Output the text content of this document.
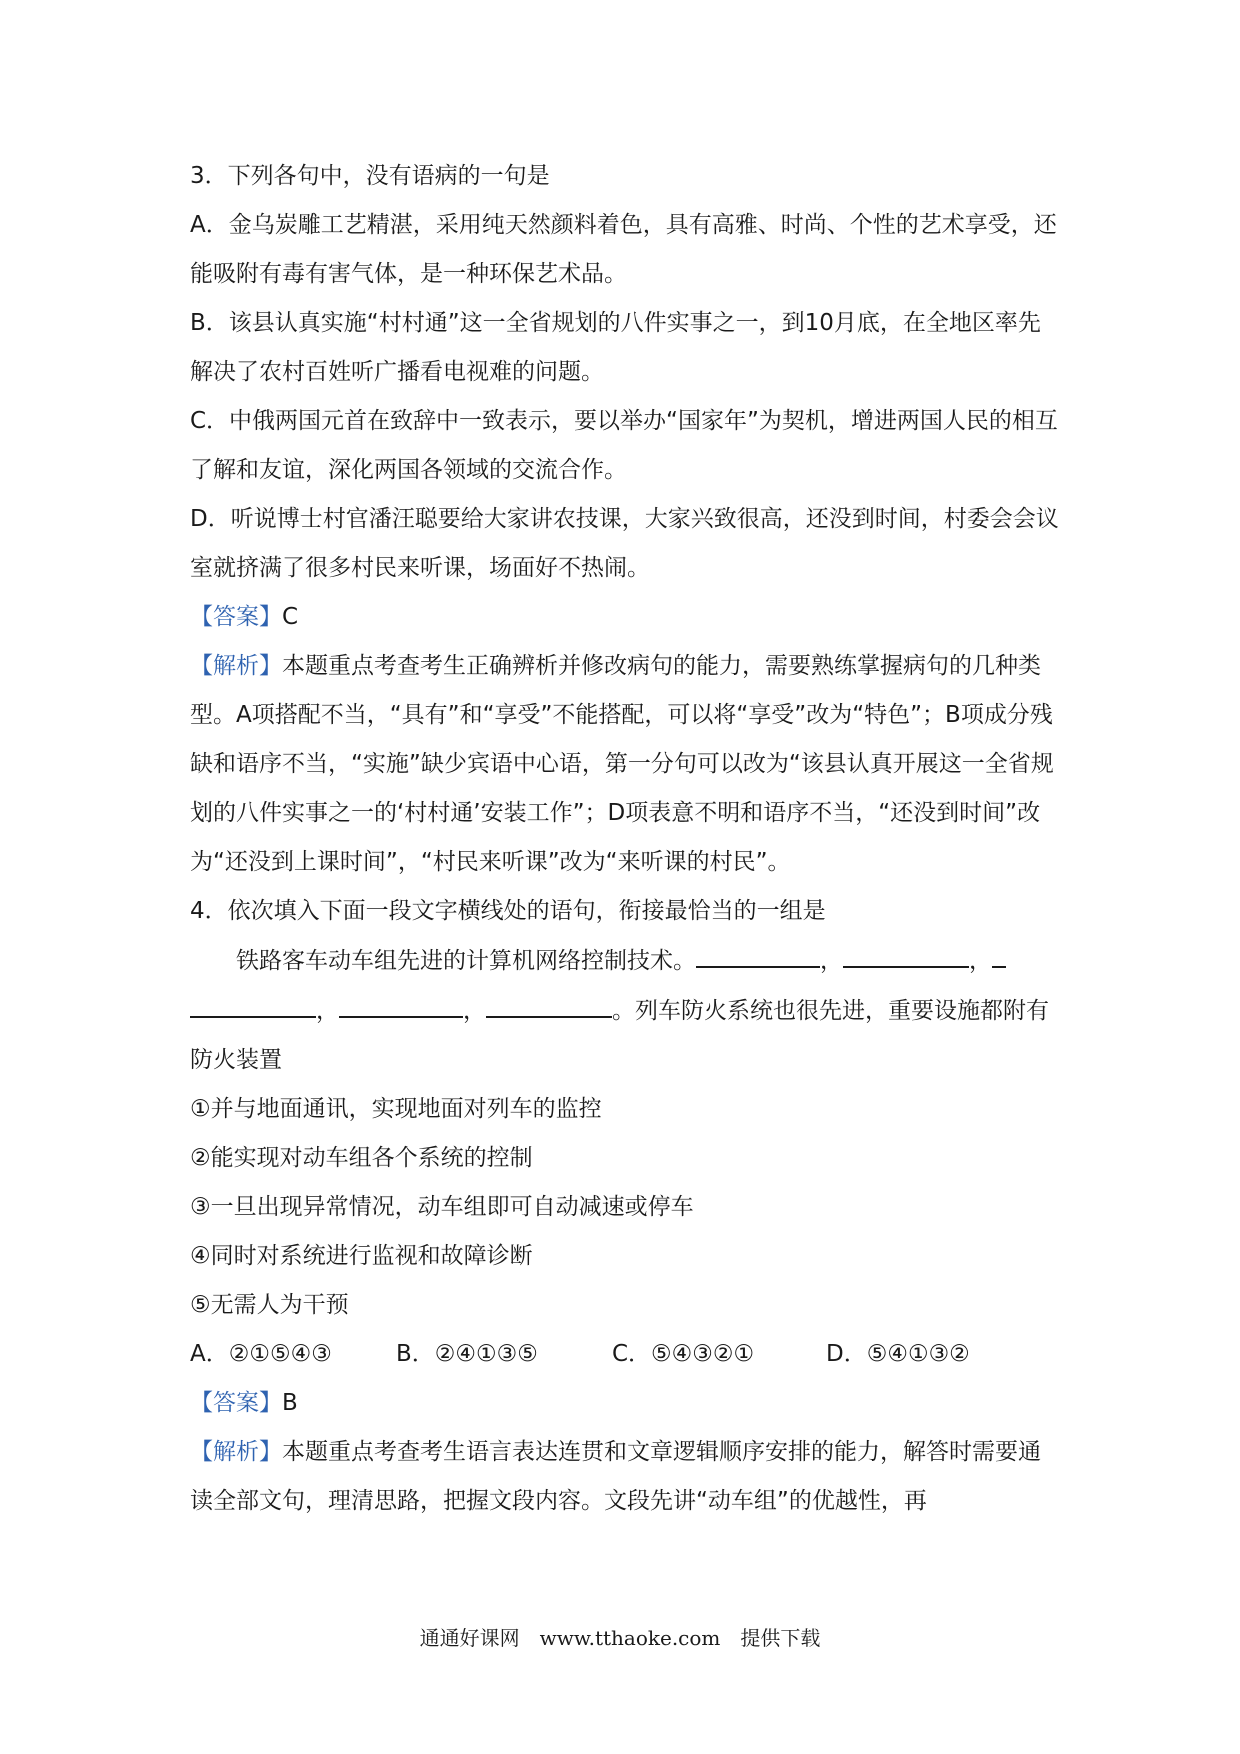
3．下列各句中，没有语病的一句是

A．金乌炭雕工艺精湛，采用纯天然颜料着色，具有高雅、时尚、个性的艺术享受，还能吸附有毒有害气体，是一种环保艺术品。

B．该县认真实施“村村通”这一全省规划的八件实事之一，到10月底，在全地区率先解决了农村百姓听广播看电视难的问题。

C．中俄两国元首在致辞中一致表示，要以举办“国家年”为契机，增进两国人民的相互了解和友谊，深化两国各领域的交流合作。

D．听说博士村官潘汪聪要给大家讲农技课，大家兴致很高，还没到时间，村委会会议室就挤满了很多村民来听课，场面好不热闹。

【答案】C

【解析】本题重点考查考生正确辨析并修改病句的能力，需要熟练掌握病句的几种类型。A项搭配不当，“具有”和“享受”不能搭配，可以将“享受”改为“特色”；B项成分残缺和语序不当，“实施”缺少宾语中心语，第一分句可以改为“该县认真开展这一全省规划的八件实事之一的‘村村通’安装工作”；D项表意不明和语序不当，“还没到时间”改为“还没到上课时间”，“村民来听课”改为“来听课的村民”。

4．依次填入下面一段文字横线处的语句，衔接最恰当的一组是

铁路客车动车组先进的计算机网络控制技术。	，	，，	，	。列车防火系统也很先进，重要设施都附有防火装置

①并与地面通讯，实现地面对列车的监控

②能实现对动车组各个系统的控制

③一旦出现异常情况，动车组即可自动减速或停车

④同时对系统进行监视和故障诊断

⑤无需人为干预

A．②①⑤④③	B．②④①③⑤	C．⑤④③②①	D．⑤④①③②

【答案】B

【解析】本题重点考查考生语言表达连贯和文章逻辑顺序安排的能力，解答时需要通读全部文句，理清思路，把握文段内容。文段先讲“动车组”的优越性，再

通通好课网　www.tthaoke.com　提供下载
